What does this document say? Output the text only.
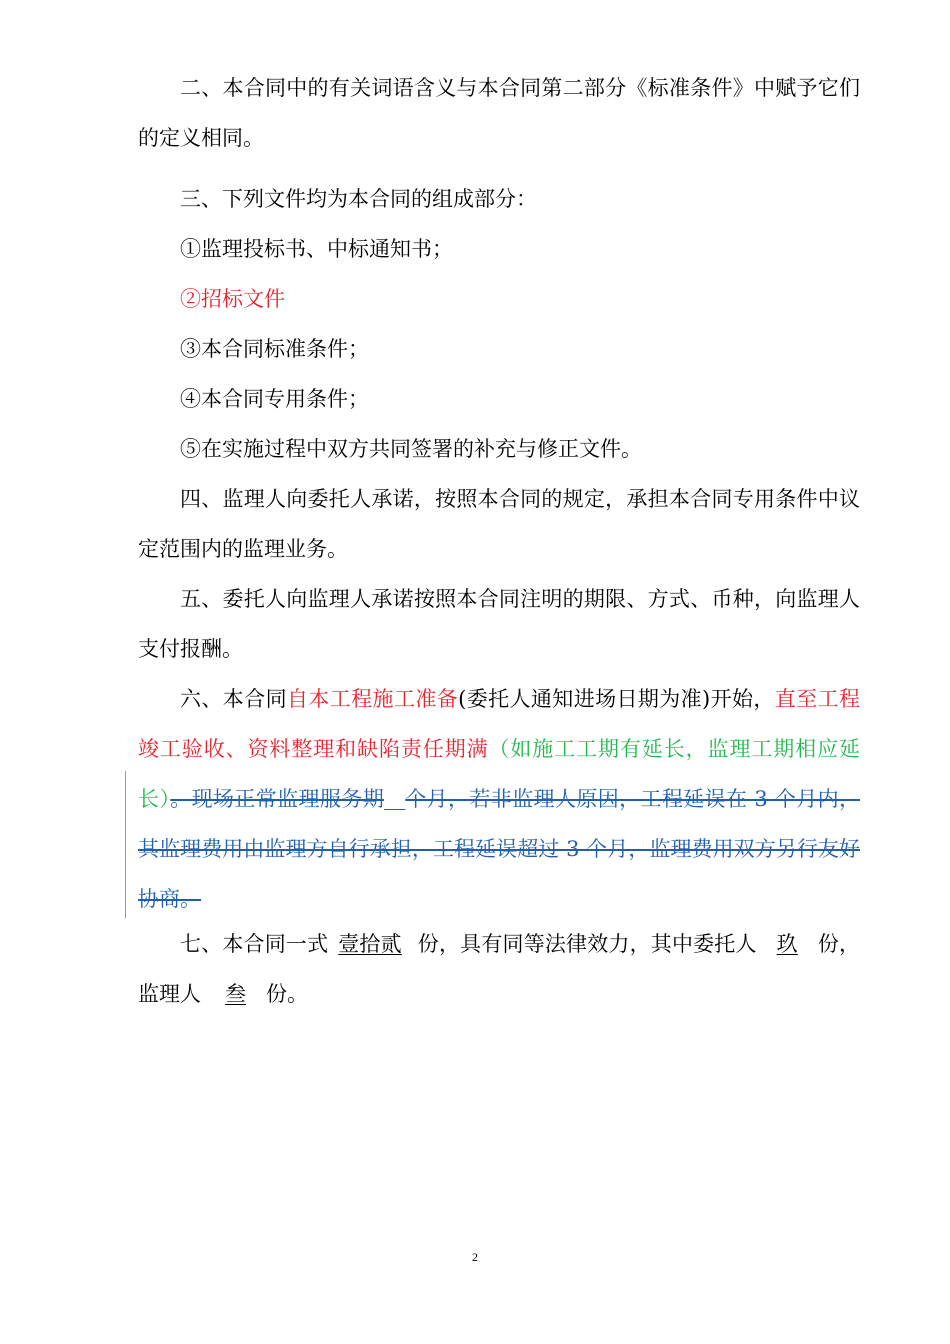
二、本合同中的有关词语含义与本合同第二部分《标准条件》中赋予它们的定义相同。

三、下列文件均为本合同的组成部分：

①监理投标书、中标通知书；

②招标文件

③本合同标准条件；

④本合同专用条件；

⑤在实施过程中双方共同签署的补充与修正文件。

四、监理人向委托人承诺，按照本合同的规定，承担本合同专用条件中议定范围内的监理业务。

五、委托人向监理人承诺按照本合同注明的期限、方式、币种，向监理人支付报酬。

六、本合同自本工程施工准备(委托人通知进场日期为准)开始，直至工程竣工验收、资料整理和缺陷责任期满（如施工工期有延长，监理工期相应延长）。现场正常监理服务期 个月，若非监理人原因，工程延误在 3 个月内，其监理费用由监理方自行承担，工程延误超过 3 个月，监理费用双方另行友好协商。

七、本合同一式 壹拾贰 份，具有同等法律效力，其中委托人 玖 份，监理人 叁 份。

2
